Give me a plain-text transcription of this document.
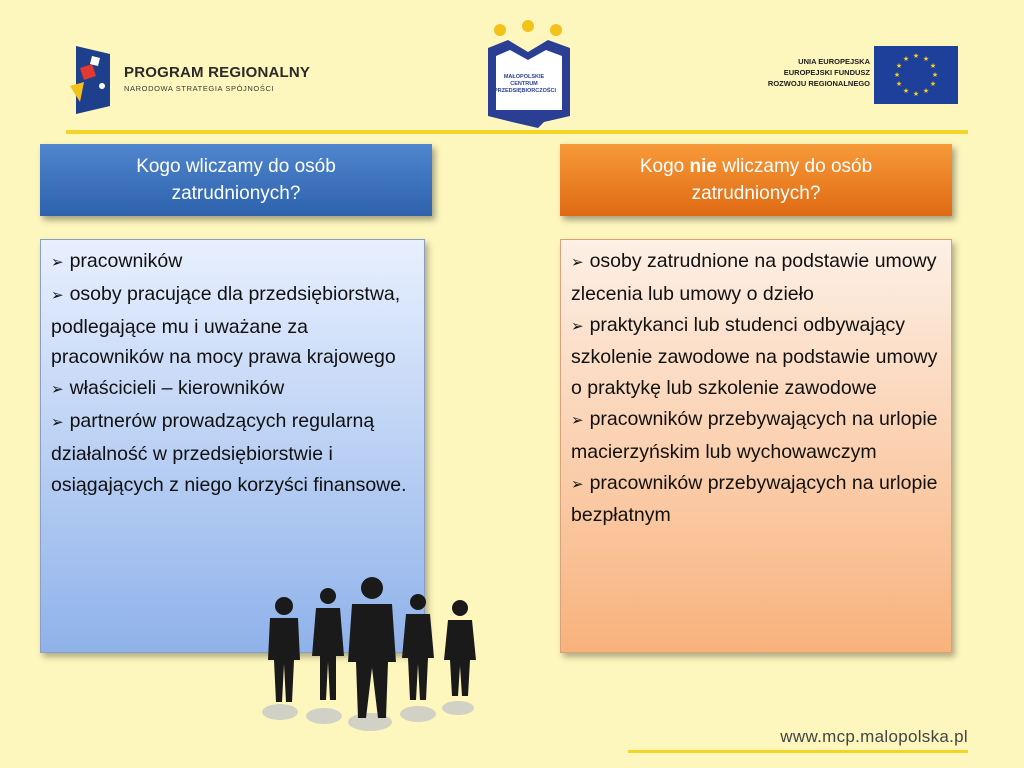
PROGRAM REGIONALNY
NARODOWA STRATEGIA SPÓJNOŚCI
MAŁOPOLSKIE
CENTRUM
PRZEDSIĘBIORCZOŚCI
UNIA EUROPEJSKA
EUROPEJSKI FUNDUSZ
ROZWOJU REGIONALNEGO
★ ★
★
★
★
★
★
★
★
★
★
★
Kogo wliczamy do osób
zatrudnionych?
Kogo nie wliczamy do osób
zatrudnionych?
➢ pracowników
➢ osoby pracujące dla przedsiębiorstwa, podlegające mu i uważane za pracowników na mocy prawa krajowego
➢ właścicieli – kierowników
➢ partnerów prowadzących regularną działalność w przedsiębiorstwie i osiągających z niego korzyści finansowe.
➢ osoby zatrudnione na podstawie umowy zlecenia lub umowy o dzieło
➢ praktykanci lub studenci odbywający szkolenie zawodowe na podstawie umowy o praktykę lub szkolenie zawodowe
➢ pracowników przebywających na urlopie macierzyńskim lub wychowawczym
➢ pracowników przebywających na urlopie bezpłatnym
www.mcp.malopolska.pl
